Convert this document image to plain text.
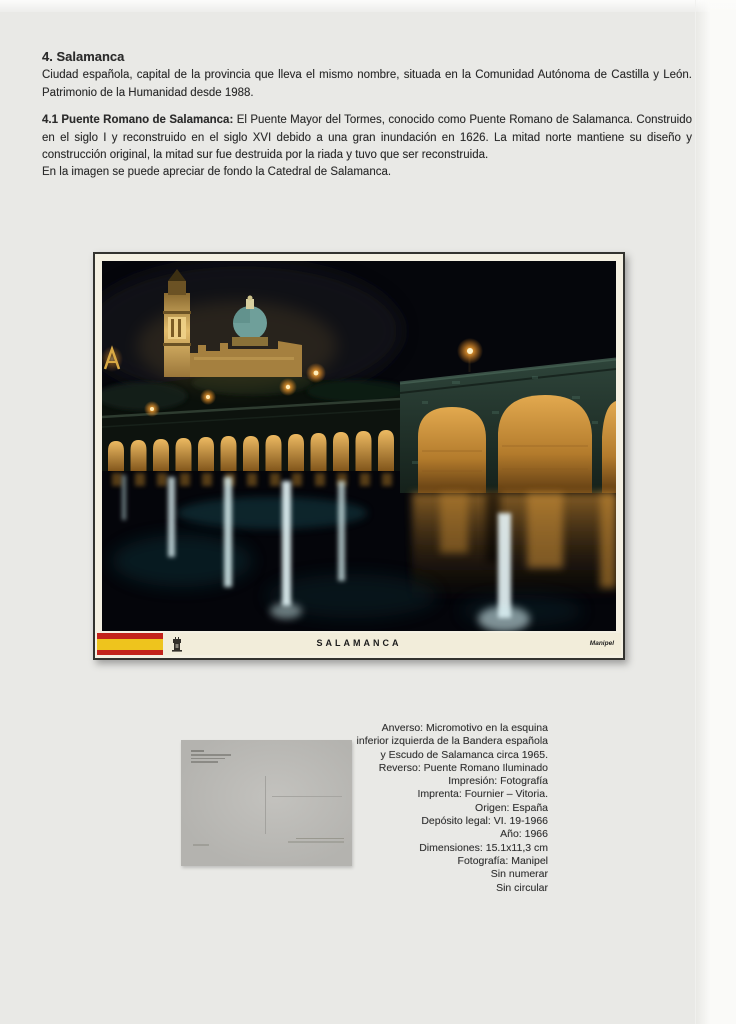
4. Salamanca

Ciudad española, capital de la provincia que lleva el mismo nombre, situada en la Comunidad Autónoma de Castilla y León. Patrimonio de la Humanidad desde 1988.

4.1 Puente Romano de Salamanca: El Puente Mayor del Tormes, conocido como Puente Romano de Salamanca. Construido en el siglo I y reconstruido en el siglo XVI debido a una gran inundación en 1626. La mitad norte mantiene su diseño y construcción original, la mitad sur fue destruida por la riada y tuvo que ser reconstruida.

En la imagen se puede apreciar de fondo la Catedral de Salamanca.

SALAMANCA	Manipel
Anverso: Micromotivo en la esquina
inferior izquierda de la Bandera española
y Escudo de Salamanca circa 1965.
Reverso: Puente Romano Iluminado
Impresión: Fotografía
Imprenta: Fournier – Vitoria.
Origen: España
Depósito legal: VI. 19-1966
Año: 1966
Dimensiones: 15.1x11,3 cm
Fotografía: Manipel
Sin numerar
Sin circular
